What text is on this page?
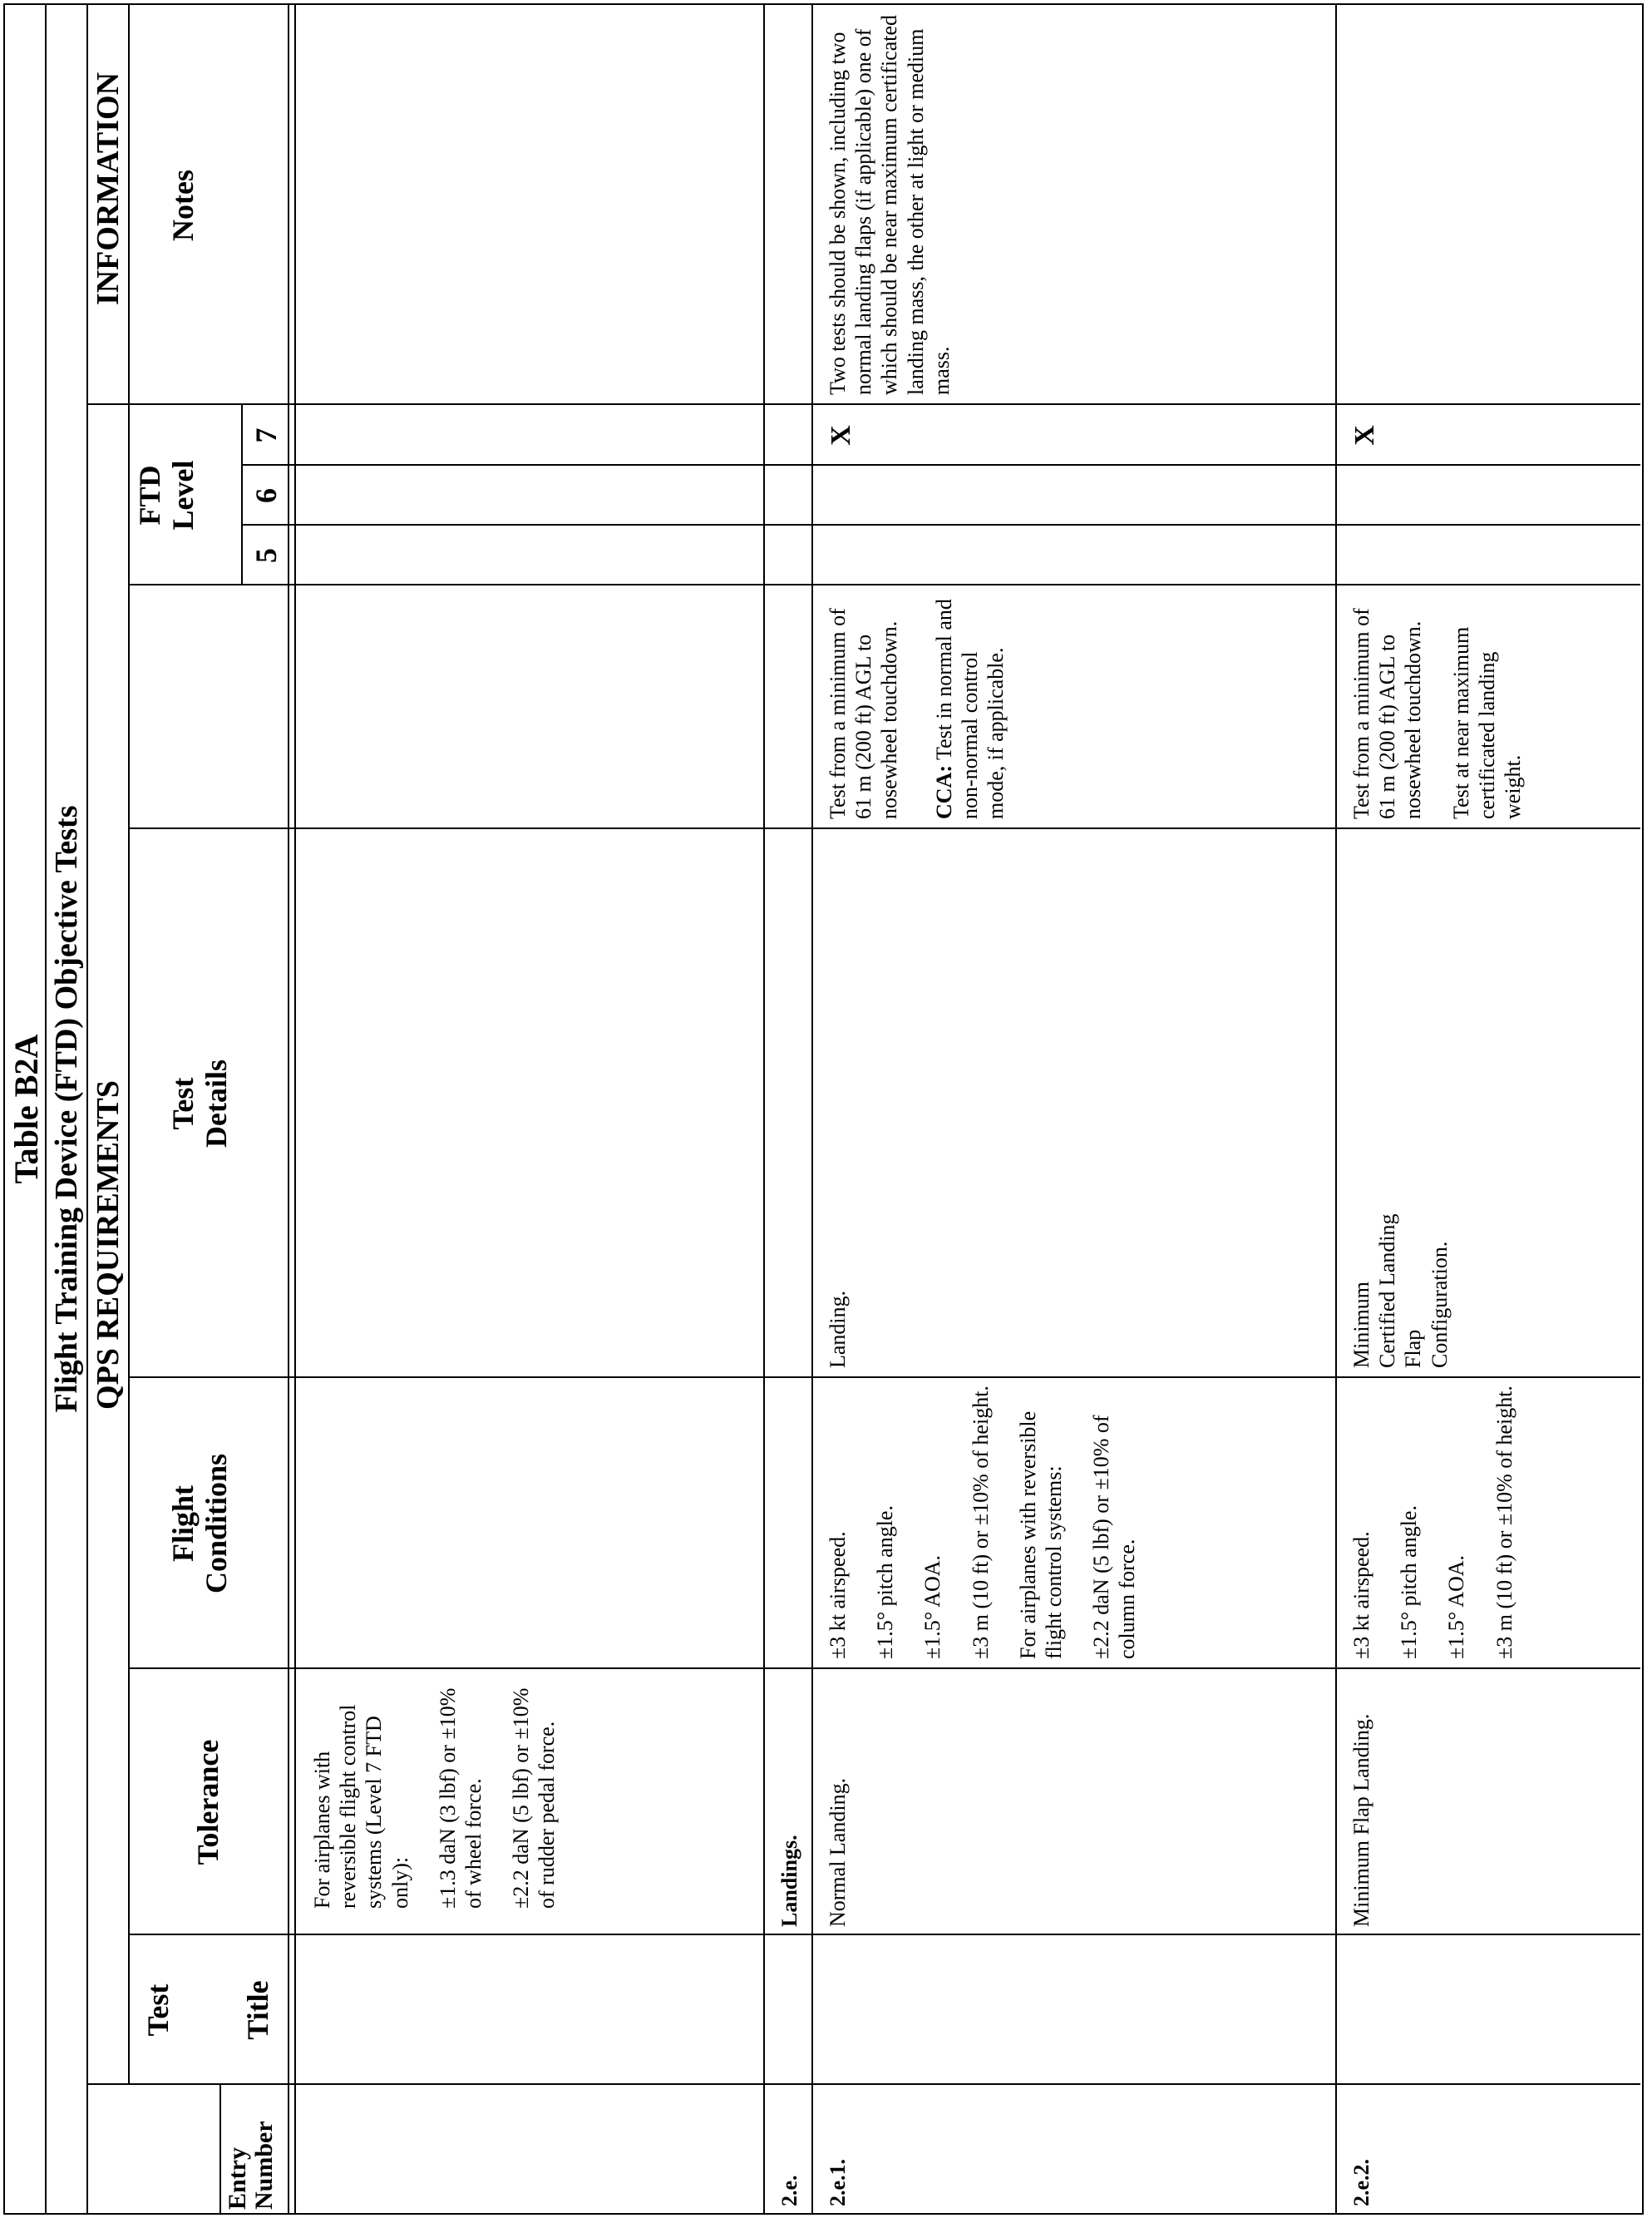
Table B2A Flight Training Device (FTD) Objective Tests QPS REQUIREMENTS
INFORMATION
Test
Entry
Number
Title
Tolerance
Flight
Conditions
Test
Details
FTD
Level
5
6
7
Notes

For airplanes with reversible flight control systems (Level 7 FTD only): ±1.3 daN (3 lbf) or ±10% of wheel force. ±2.2 daN (5 lbf) or ±10% of rudder pedal force.

2.e.
Landings.
2.e.1.
Normal Landing.

±3 kt airspeed. ±1.5° pitch angle. ±1.5° AOA. ±3 m (10 ft) or ±10% of height. For airplanes with reversible flight control systems: ±2.2 daN (5 lbf) or ±10% of column force.

Landing.

Test from a minimum of 61 m (200 ft) AGL to nosewheel touchdown. CCA: Test in normal and
non-normal control mode, if applicable.
X
Two tests should be shown, including two normal landing flaps (if applicable) one of which should be near maximum certificated landing mass, the other at light or medium mass.
2.e.2.
Minimum Flap Landing.

±3 kt airspeed. ±1.5° pitch angle. ±1.5° AOA. ±3 m (10 ft) or ±10% of height.

Minimum Certified Landing Flap Configuration.

Test from a minimum of 61 m (200 ft) AGL to nosewheel touchdown. Test at near maximum certificated landing weight.

X
